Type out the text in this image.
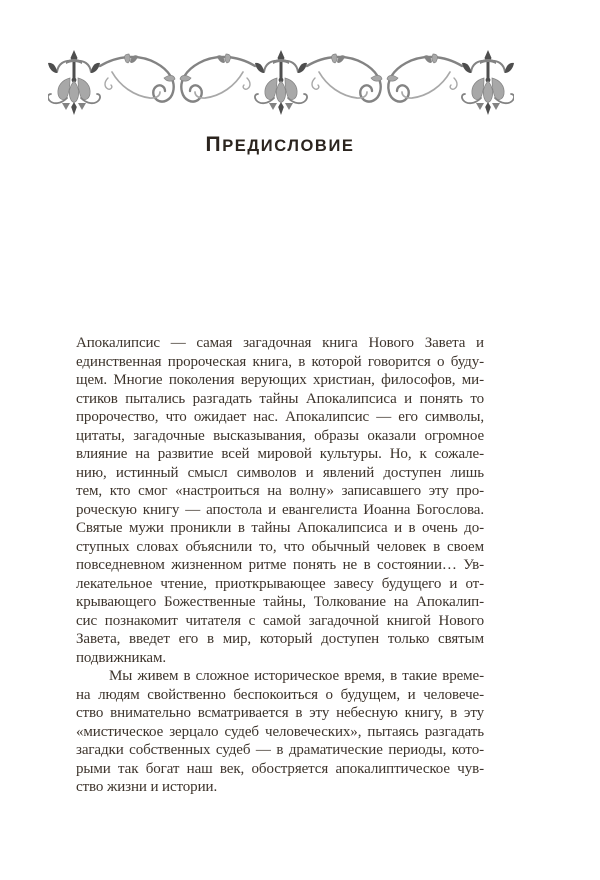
ПРЕДИСЛОВИЕ
Апокалипсис — самая загадочная книга Нового Завета и
единственная пророческая книга, в которой говорится о буду-
щем. Многие поколения верующих христиан, философов, ми-
стиков пытались разгадать тайны Апокалипсиса и понять то
пророчество, что ожидает нас. Апокалипсис — его символы,
цитаты, загадочные высказывания, образы оказали огромное
влияние на развитие всей мировой культуры. Но, к сожале-
нию, истинный смысл символов и явлений доступен лишь
тем, кто смог «настроиться на волну» записавшего эту про-
роческую книгу — апостола и евангелиста Иоанна Богослова.
Святые мужи проникли в тайны Апокалипсиса и в очень до-
ступных словах объяснили то, что обычный человек в своем
повседневном жизненном ритме понять не в состоянии… Ув-
лекательное чтение, приоткрывающее завесу будущего и от-
крывающего Божественные тайны, Толкование на Апокалип-
сис познакомит читателя с самой загадочной книгой Нового
Завета, введет его в мир, который доступен только святым
подвижникам.
Мы живем в сложное историческое время, в такие време-
на людям свойственно беспокоиться о будущем, и человече-
ство внимательно всматривается в эту небесную книгу, в эту
«мистическое зерцало судеб человеческих», пытаясь разгадать
загадки собственных судеб — в драматические периоды, кото-
рыми так богат наш век, обостряется апокалиптическое чув-
ство жизни и истории.
